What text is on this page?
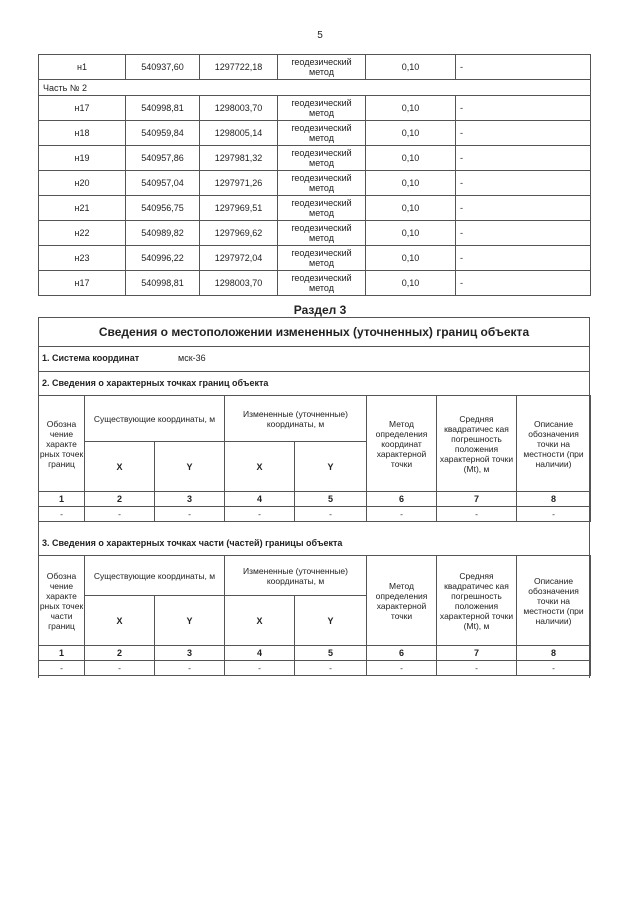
5
н1	540937,60	1297722,18	геодезический метод	0,10	-
Часть № 2					
н17	540998,81	1298003,70	геодезический метод	0,10	-
н18	540959,84	1298005,14	геодезический метод	0,10	-
н19	540957,86	1297981,32	геодезический метод	0,10	-
н20	540957,04	1297971,26	геодезический метод	0,10	-
н21	540956,75	1297969,51	геодезический метод	0,10	-
н22	540989,82	1297969,62	геодезический метод	0,10	-
н23	540996,22	1297972,04	геодезический метод	0,10	-
н17	540998,81	1298003,70	геодезический метод	0,10	-
Раздел 3
Сведения о местоположении измененных (уточненных) границ объекта
1. Система координат	мск-36
2. Сведения о характерных точках границ объекта
Обозна чение характе рных точек границ	Существующие координаты, м		Измененные (уточненные) координаты, м		Метод определения координат характерной точки	Средняя квадратичес кая погрешность положения характерной точки (Mt), м	Описание обозначения точки на местности (при наличии)
	X	Y	X	Y			
1	2	3	4	5	6	7	8
-	-	-	-	-	-	-	-
3. Сведения о характерных точках части (частей) границы объекта
Обозна чение характе рных точек части границ	Существующие координаты, м		Измененные (уточненные) координаты, м		Метод определения характерной точки	Средняя квадратичес кая погрешность положения характерной точки (Mt), м	Описание обозначения точки на местности (при наличии)
	X	Y	X	Y			
1	2	3	4	5	6	7	8
-	-	-	-	-	-	-	-
